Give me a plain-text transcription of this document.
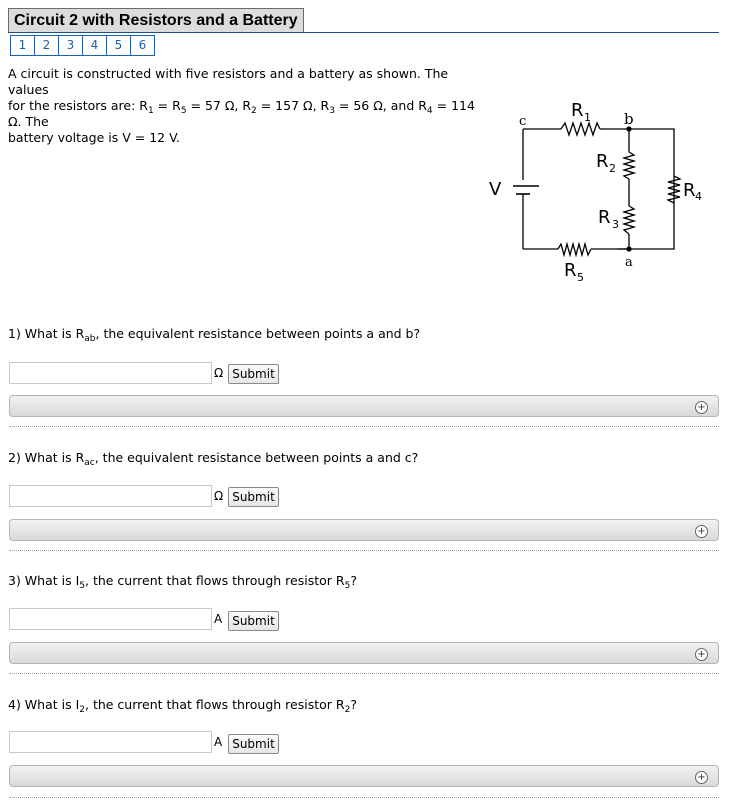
Circuit 2 with Resistors and a Battery
1	2	3	4	5	6
A circuit is constructed with five resistors and a battery as shown. The values
for the resistors are: $R_1 = R_5 = 57$ Ω, $R_2 = 157$ Ω, $R_3 = 56$ Ω, and $R_4 = 114$ Ω. The
battery voltage is V = 12 V.
V
c	b
a
R 1
R 2
R 3
R 4
R 5
1) What is $R_{ab}$, the equivalent resistance between points a and b?
Ω Submit
+
2) What is $R_{ac}$, the equivalent resistance between points a and c?
Ω Submit
+
3) What is $I_5$, the current that flows through resistor $R_5$?
A Submit
+
4) What is $I_2$, the current that flows through resistor $R_2$?
A Submit
+
